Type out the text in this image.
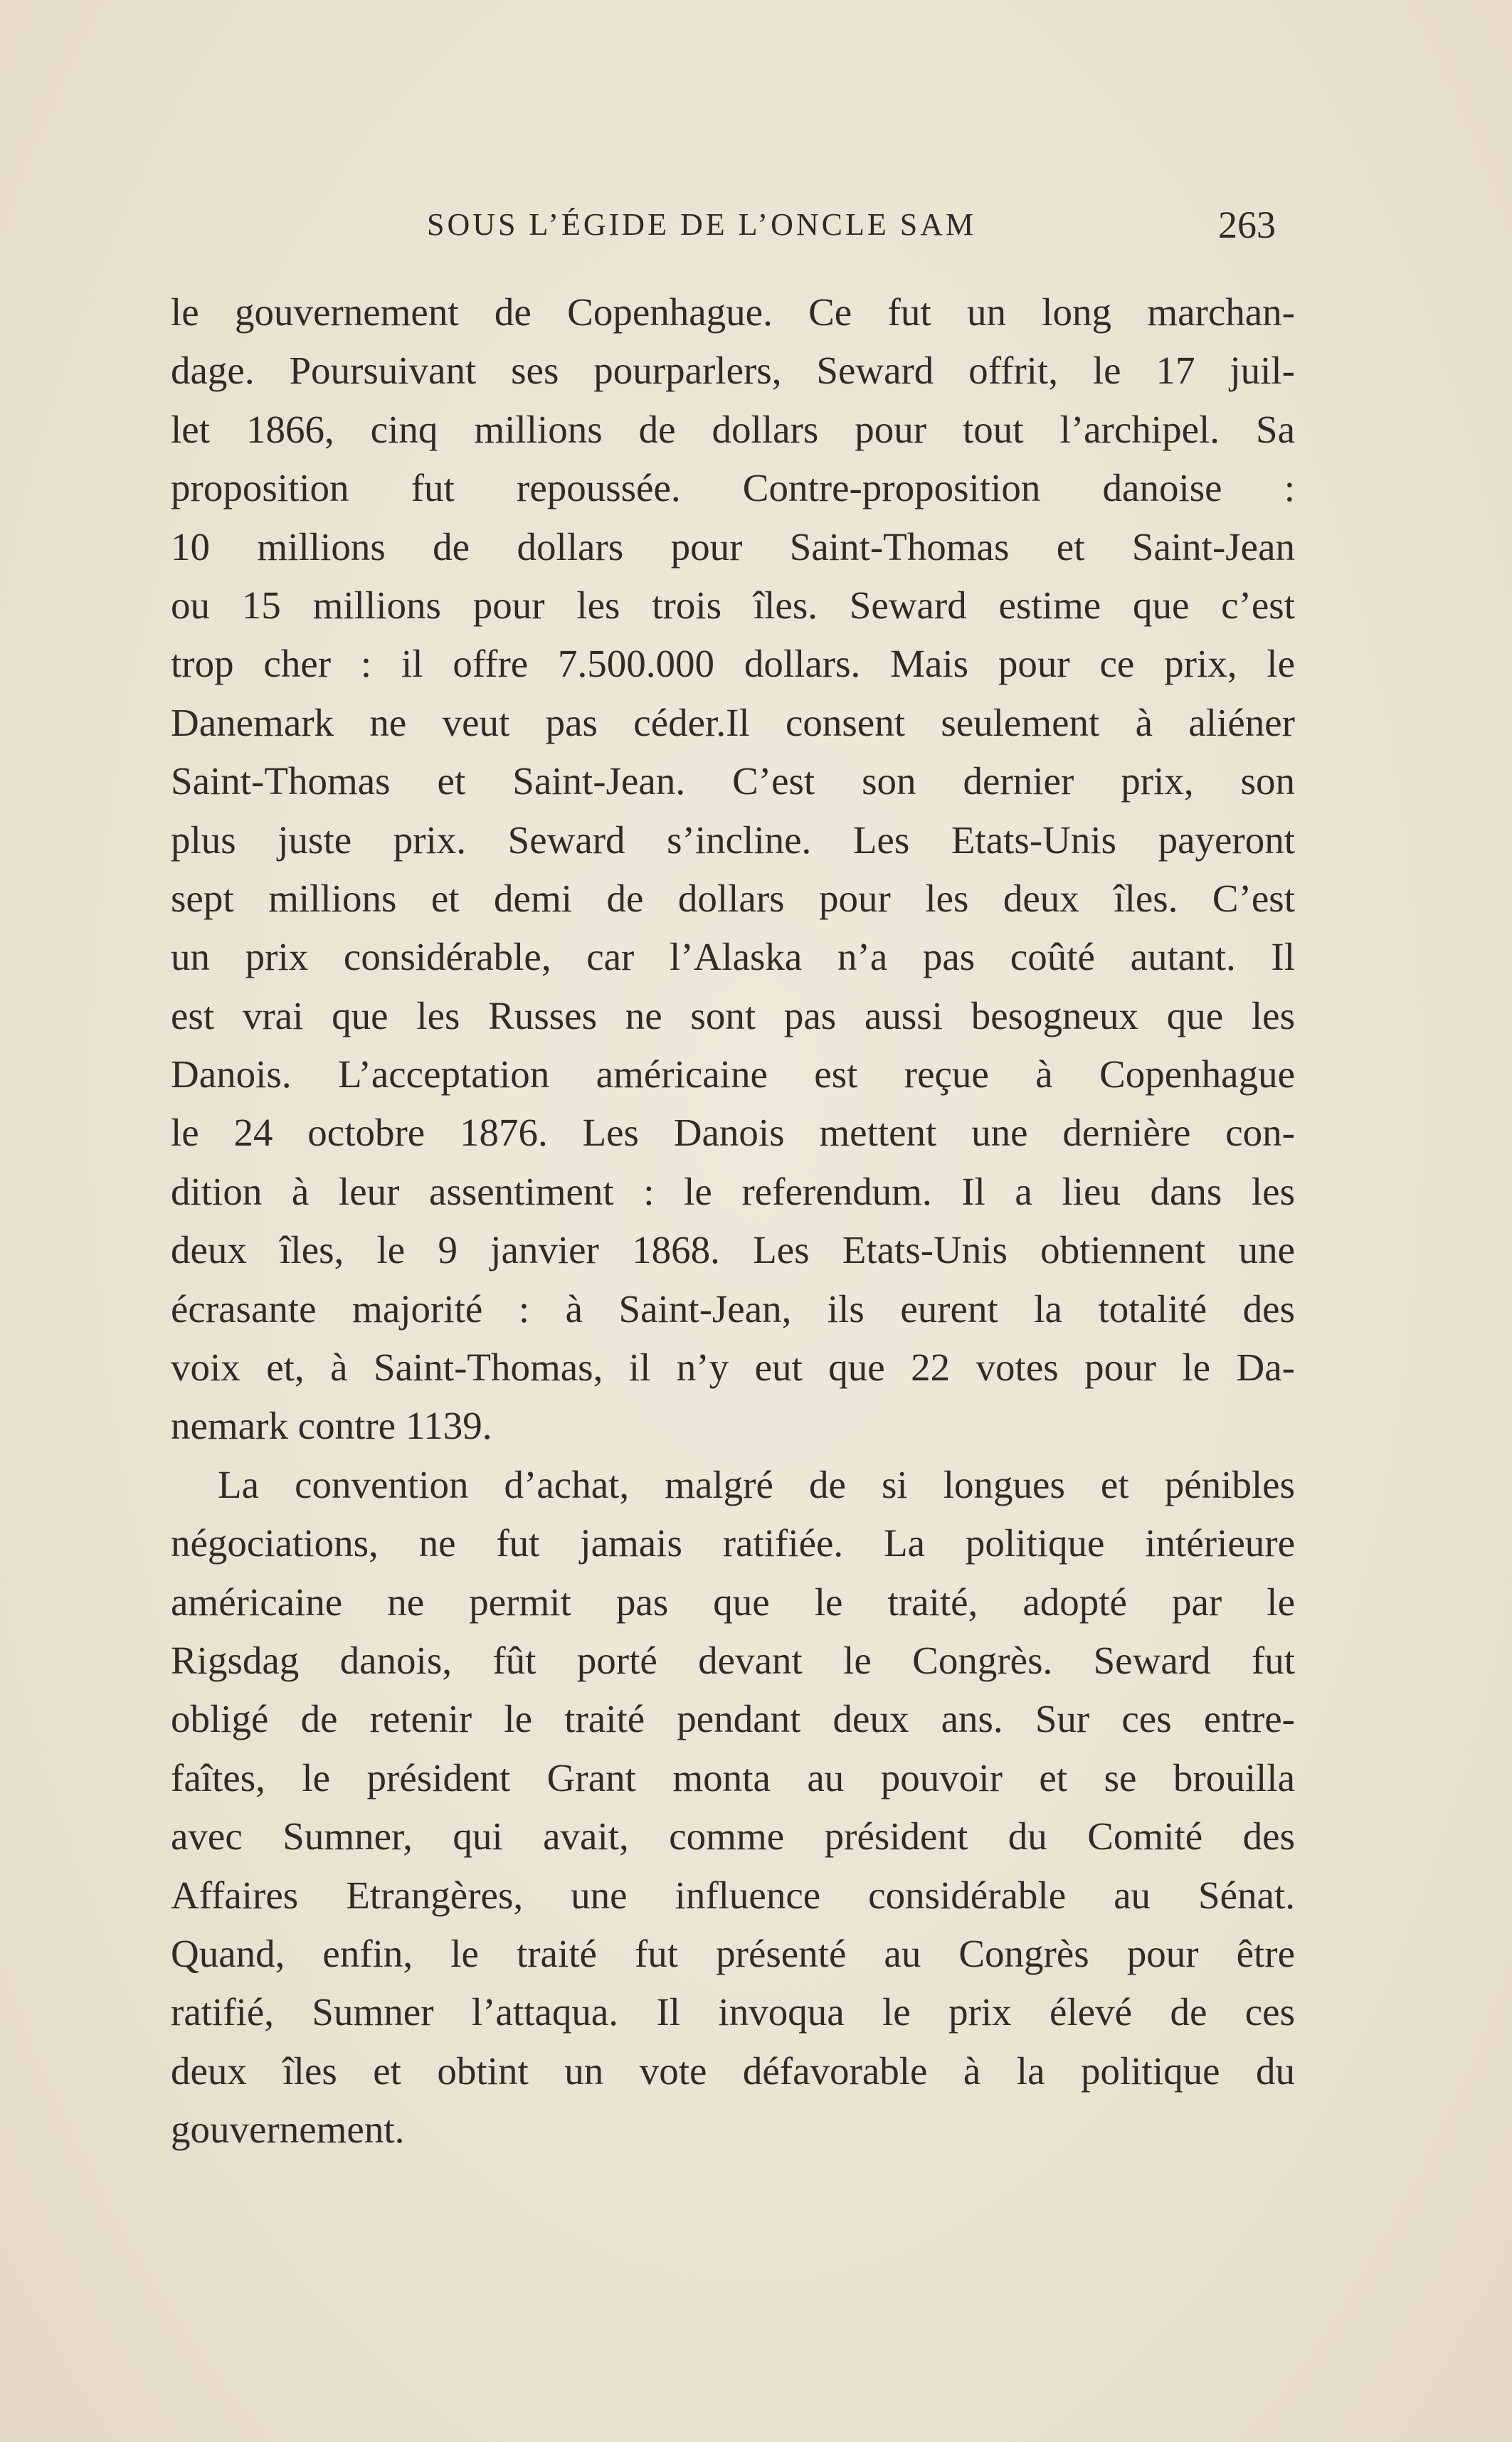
SOUS L’ÉGIDE DE L’ONCLE SAM	263
le gouvernement de Copenhague. Ce fut un long marchan-
dage. Poursuivant ses pourparlers, Seward offrit, le 17 juil-
let 1866, cinq millions de dollars pour tout l’archipel. Sa
proposition fut repoussée. Contre-proposition danoise :
10 millions de dollars pour Saint-Thomas et Saint-Jean
ou 15 millions pour les trois îles. Seward estime que c’est
trop cher : il offre 7.500.000 dollars. Mais pour ce prix, le
Danemark ne veut pas céder.Il consent seulement à aliéner
Saint-Thomas et Saint-Jean. C’est son dernier prix, son
plus juste prix. Seward s’incline. Les Etats-Unis payeront
sept millions et demi de dollars pour les deux îles. C’est
un prix considérable, car l’Alaska n’a pas coûté autant. Il
est vrai que les Russes ne sont pas aussi besogneux que les
Danois. L’acceptation américaine est reçue à Copenhague
le 24 octobre 1876. Les Danois mettent une dernière con-
dition à leur assentiment : le referendum. Il a lieu dans les
deux îles, le 9 janvier 1868. Les Etats-Unis obtiennent une
écrasante majorité : à Saint-Jean, ils eurent la totalité des
voix et, à Saint-Thomas, il n’y eut que 22 votes pour le Da-
nemark contre 1139.
La convention d’achat, malgré de si longues et pénibles
négociations, ne fut jamais ratifiée. La politique intérieure
américaine ne permit pas que le traité, adopté par le
Rigsdag danois, fût porté devant le Congrès. Seward fut
obligé de retenir le traité pendant deux ans. Sur ces entre-
faîtes, le président Grant monta au pouvoir et se brouilla
avec Sumner, qui avait, comme président du Comité des
Affaires Etrangères, une influence considérable au Sénat.
Quand, enfin, le traité fut présenté au Congrès pour être
ratifié, Sumner l’attaqua. Il invoqua le prix élevé de ces
deux îles et obtint un vote défavorable à la politique du
gouvernement.
